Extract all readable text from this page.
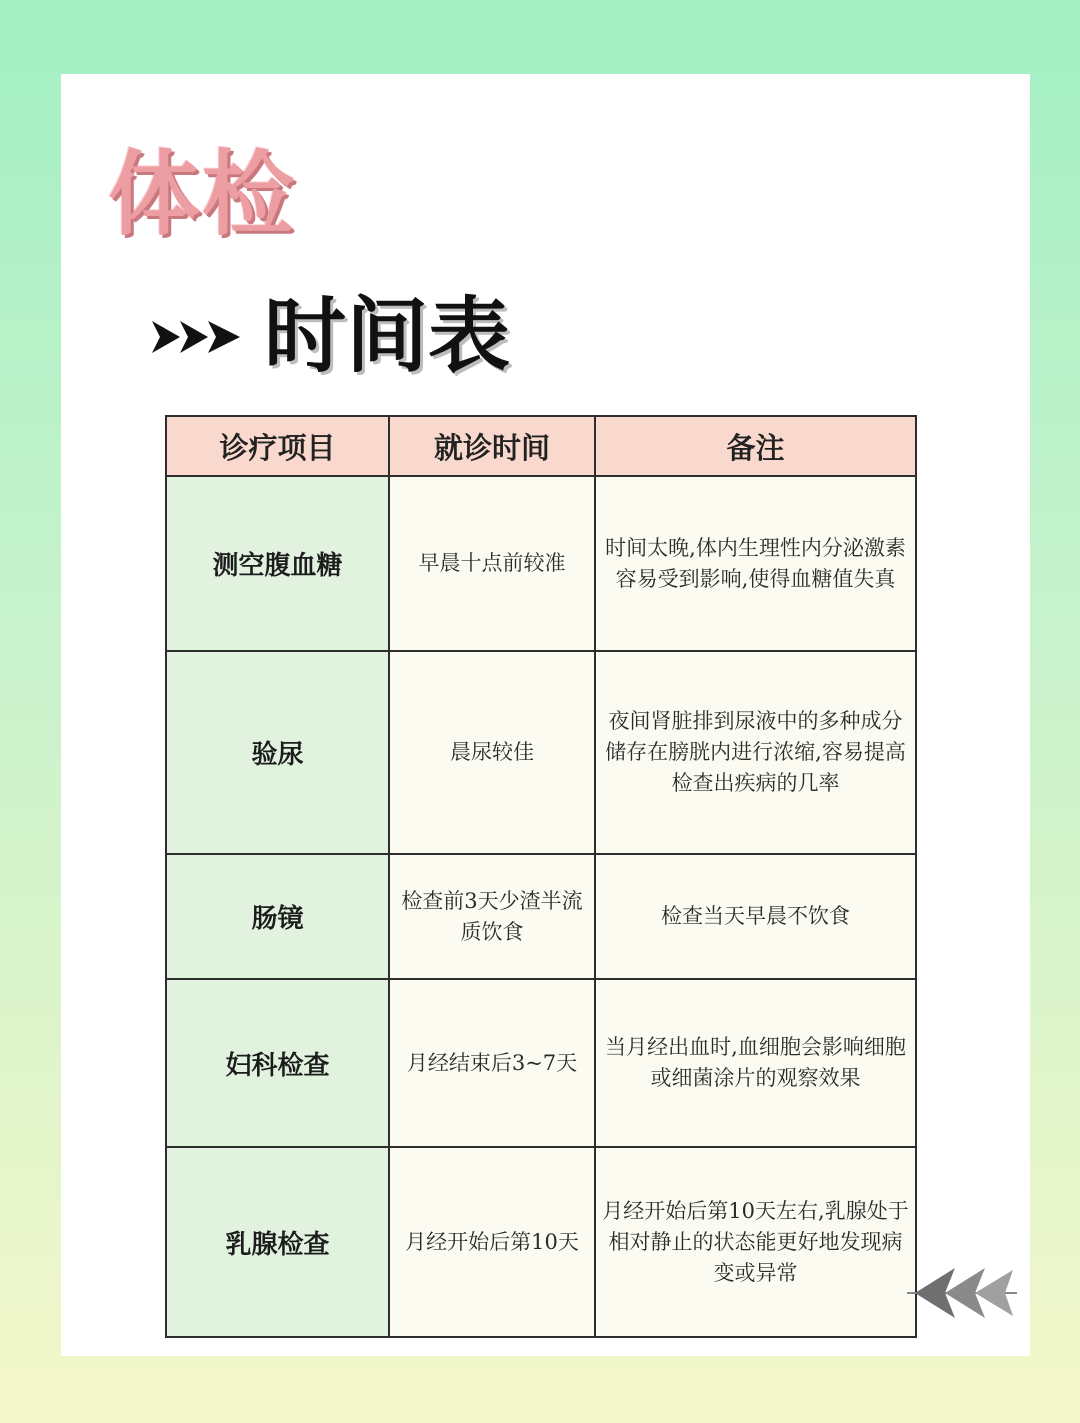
体检
时间表
诊疗项目	就诊时间	备注
测空腹血糖	早晨十点前较准	时间太晚,体内生理性内分泌激素容易受到影响,使得血糖值失真
验尿	晨尿较佳	夜间肾脏排到尿液中的多种成分储存在膀胱内进行浓缩,容易提高检查出疾病的几率
肠镜	检查前3天少渣半流质饮食	检查当天早晨不饮食
妇科检查	月经结束后3~7天	当月经出血时,血细胞会影响细胞或细菌涂片的观察效果
乳腺检查	月经开始后第10天	月经开始后第10天左右,乳腺处于相对静止的状态能更好地发现病变或异常
